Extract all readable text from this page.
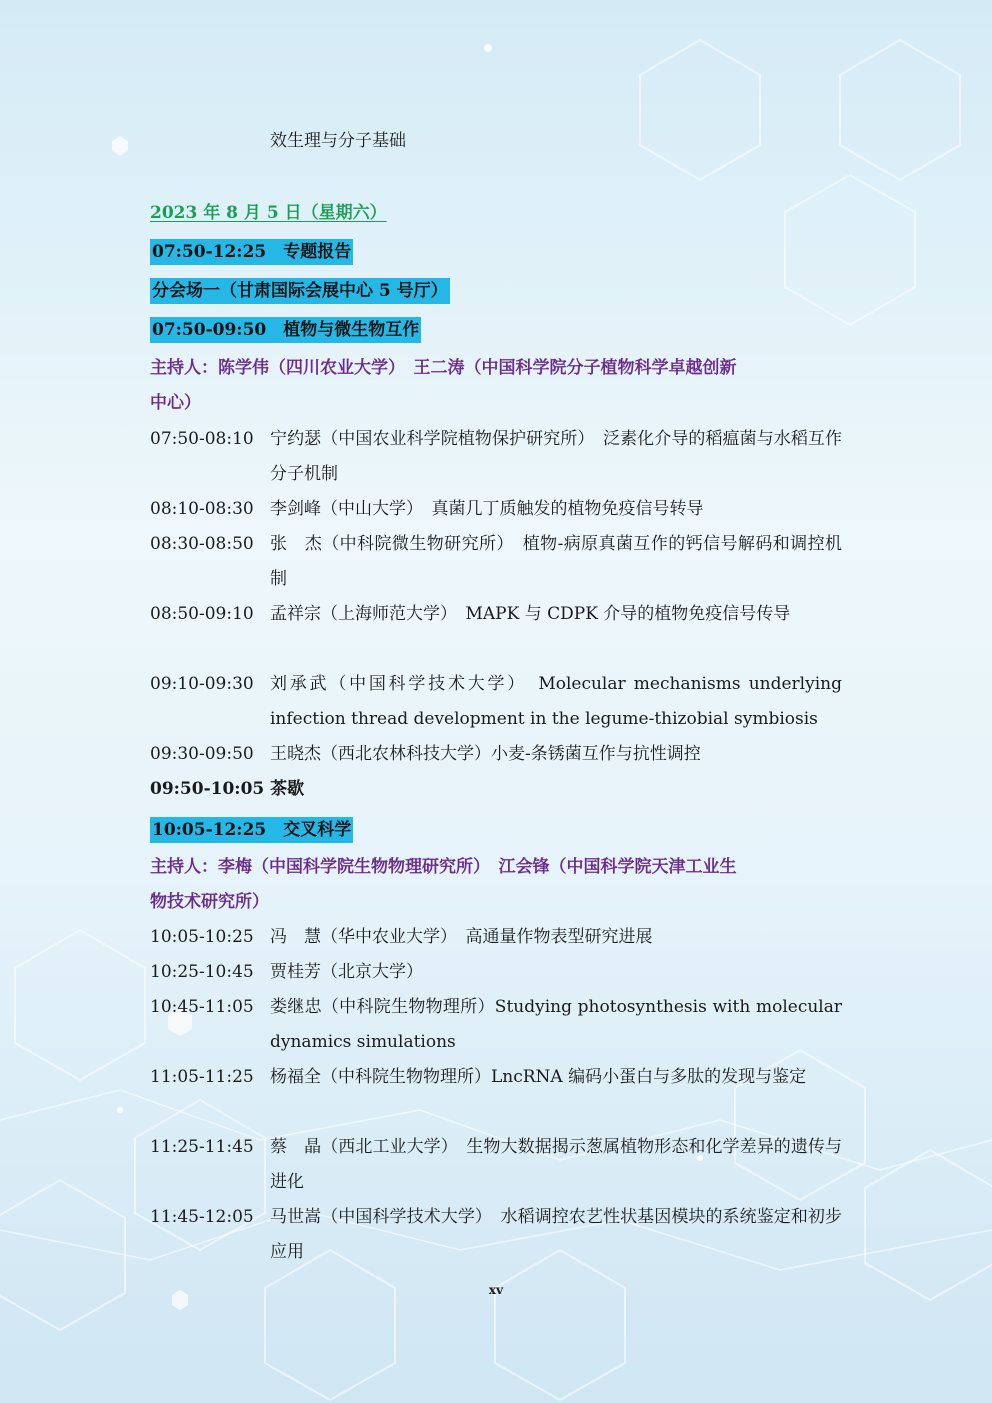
效生理与分子基础
2023 年 8 月 5 日（星期六）
07:50-12:25　专题报告
分会场一（甘肃国际会展中心 5 号厅）
07:50-09:50　植物与微生物互作
主持人：陈学伟（四川农业大学）　王二涛（中国科学院分子植物科学卓越创新
中心）
07:50-08:10 宁约瑟（中国农业科学院植物保护研究所）　泛素化介导的稻瘟菌与水稻互作分子机制
08:10-08:30 李剑峰（中山大学）　真菌几丁质触发的植物免疫信号转导
08:30-08:50 张　杰（中科院微生物研究所）　植物-病原真菌互作的钙信号解码和调控机制
08:50-09:10 孟祥宗（上海师范大学）　MAPK 与 CDPK 介导的植物免疫信号传导
09:10-09:30 刘承武（中国科学技术大学）　Molecular mechanisms underlying infection thread development in the legume-thizobial symbiosis
09:30-09:50 王晓杰（西北农林科技大学）小麦-条锈菌互作与抗性调控
09:50-10:05 茶歇
10:05-12:25　交叉科学
主持人：李梅（中国科学院生物物理研究所）　江会锋（中国科学院天津工业生
物技术研究所）
10:05-10:25 冯　慧（华中农业大学）　高通量作物表型研究进展
10:25-10:45 贾桂芳（北京大学）
10:45-11:05 娄继忠（中科院生物物理所）Studying photosynthesis with molecular dynamics simulations
11:05-11:25 杨福全（中科院生物物理所）LncRNA 编码小蛋白与多肽的发现与鉴定
11:25-11:45 蔡　晶（西北工业大学）　生物大数据揭示葱属植物形态和化学差异的遗传与进化
11:45-12:05 马世嵩（中国科学技术大学）　水稻调控农艺性状基因模块的系统鉴定和初步应用
xv
